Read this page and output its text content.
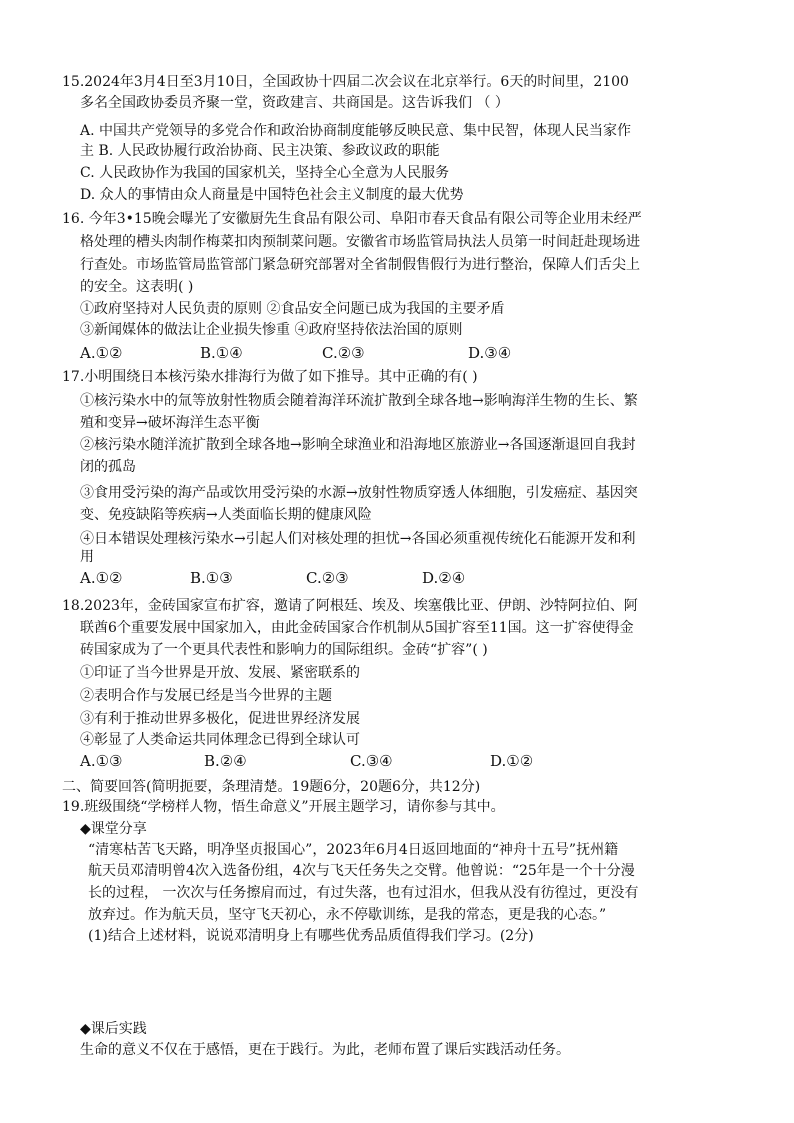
15.2024年3月4日至3月10日，全国政协十四届二次会议在北京举行。6天的时间里，2100
多名全国政协委员齐聚一堂，资政建言、共商国是。这告诉我们 （ ）
A. 中国共产党领导的多党合作和政治协商制度能够反映民意、集中民智，体现人民当家作
主 B. 人民政协履行政治协商、民主决策、参政议政的职能
C. 人民政协作为我国的国家机关，坚持全心全意为人民服务
D. 众人的事情由众人商量是中国特色社会主义制度的最大优势
16. 今年3•15晚会曝光了安徽厨先生食品有限公司、阜阳市春天食品有限公司等企业用未经严
格处理的槽头肉制作梅菜扣肉预制菜问题。安徽省市场监管局执法人员第一时间赶赴现场进
行查处。市场监管局监管部门紧急研究部署对全省制假售假行为进行整治，保障人们舌尖上
的安全。这表明( )
①政府坚持对人民负责的原则 ②食品安全问题已成为我国的主要矛盾
③新闻媒体的做法让企业损失惨重 ④政府坚持依法治国的原则
A.①②	B.①④	C.②③	D.③④
17.小明围绕日本核污染水排海行为做了如下推导。其中正确的有( )
①核污染水中的氚等放射性物质会随着海洋环流扩散到全球各地→影响海洋生物的生长、繁
殖和变异→破坏海洋生态平衡
②核污染水随洋流扩散到全球各地→影响全球渔业和沿海地区旅游业→各国逐渐退回自我封
闭的孤岛
③食用受污染的海产品或饮用受污染的水源→放射性物质穿透人体细胞，引发癌症、基因突
变、免疫缺陷等疾病→人类面临长期的健康风险
④日本错误处理核污染水→引起人们对核处理的担忧→各国必须重视传统化石能源开发和利
用
A.①②	B.①③	C.②③	D.②④
18.2023年，金砖国家宣布扩容，邀请了阿根廷、埃及、埃塞俄比亚、伊朗、沙特阿拉伯、阿
联酋6个重要发展中国家加入，由此金砖国家合作机制从5国扩容至11国。这一扩容使得金
砖国家成为了一个更具代表性和影响力的国际组织。金砖“扩容”( )
①印证了当今世界是开放、发展、紧密联系的
②表明合作与发展已经是当今世界的主题
③有利于推动世界多极化，促进世界经济发展
④彰显了人类命运共同体理念已得到全球认可
A.①③	B.②④	C.③④	D.①②
二、简要回答(简明扼要，条理清楚。19题6分，20题6分，共12分)
19.班级围绕“学榜样人物，悟生命意义”开展主题学习，请你参与其中。
◆课堂分享
“清寒枯苦飞天路，明净坚贞报国心”，2023年6月4日返回地面的“神舟十五号”抚州籍
航天员邓清明曾4次入选备份组，4次与飞天任务失之交臂。他曾说：“25年是一个十分漫
长的过程， 一次次与任务擦肩而过，有过失落，也有过泪水，但我从没有彷徨过，更没有
放弃过。作为航天员，坚守飞天初心，永不停歇训练，是我的常态，更是我的心态。”
(1)结合上述材料，说说邓清明身上有哪些优秀品质值得我们学习。(2分)
◆课后实践
生命的意义不仅在于感悟，更在于践行。为此，老师布置了课后实践活动任务。
